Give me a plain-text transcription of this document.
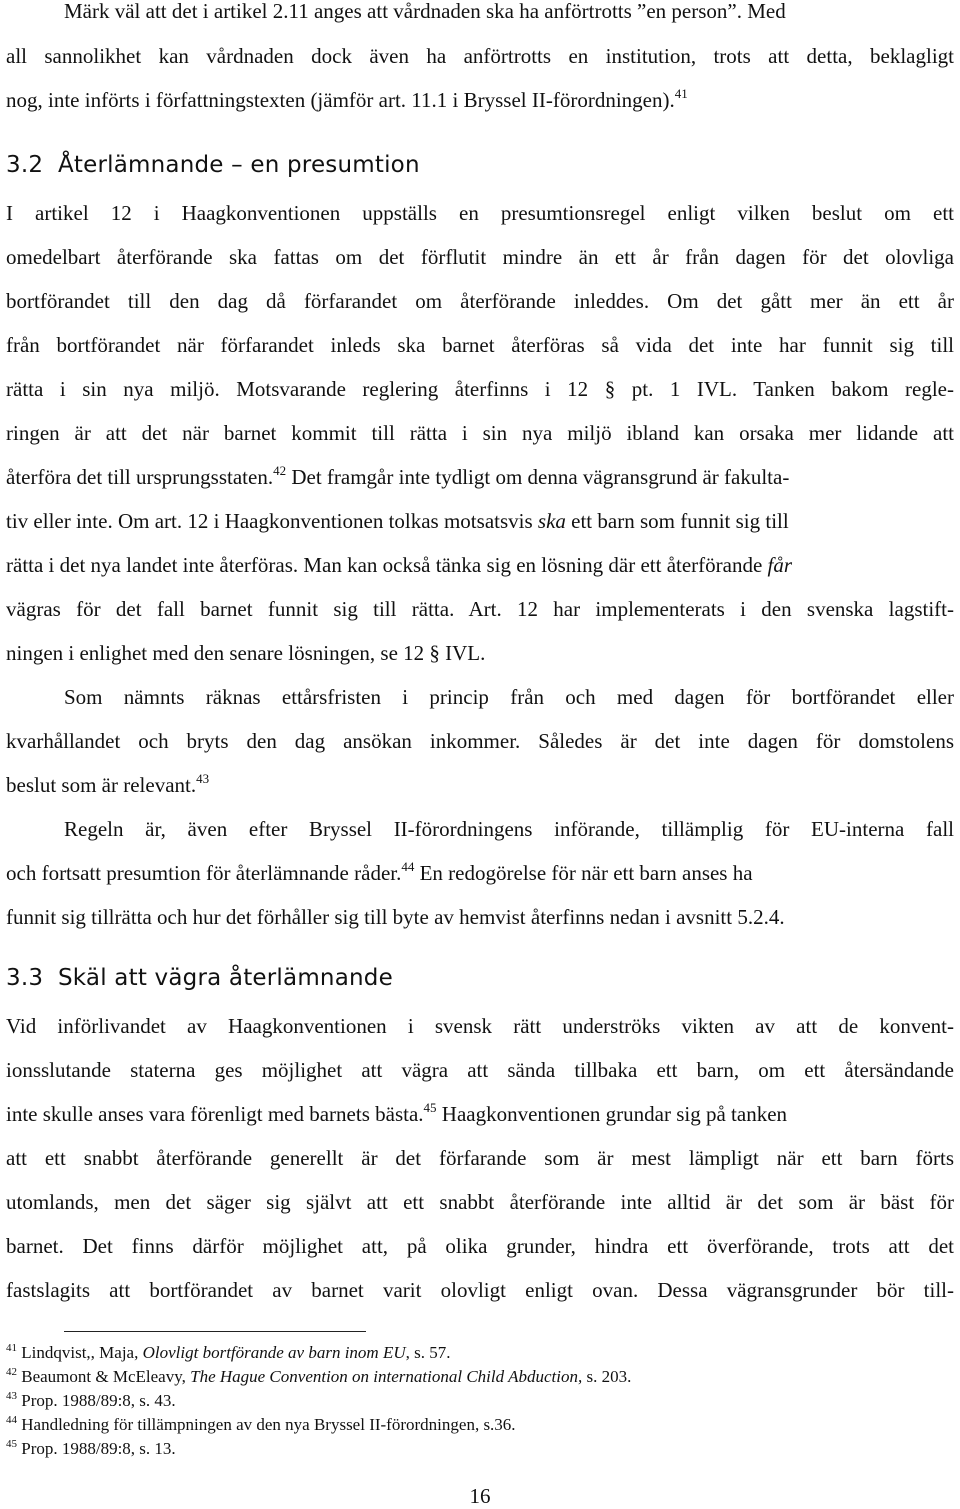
Märk väl att det i artikel 2.11 anges att vårdnaden ska ha anförtrotts ”en person”. Med
all sannolikhet kan vårdnaden dock även ha anförtrotts en institution, trots att detta, beklagligt
nog, inte införts i författningstexten (jämför art. 11.1 i Bryssel II-förordningen).$^{41}$
3.2 Återlämnande – en presumtion
I artikel 12 i Haagkonventionen uppställs en presumtionsregel enligt vilken beslut om ett
omedelbart återförande ska fattas om det förflutit mindre än ett år från dagen för det olovliga
bortförandet till den dag då förfarandet om återförande inleddes. Om det gått mer än ett år
från bortförandet när förfarandet inleds ska barnet återföras så vida det inte har funnit sig till
rätta i sin nya miljö. Motsvarande reglering återfinns i 12 § pt. 1 IVL. Tanken bakom regle-
ringen är att det när barnet kommit till rätta i sin nya miljö ibland kan orsaka mer lidande att
återföra det till ursprungsstaten.$^{42}$ Det framgår inte tydligt om denna vägransgrund är fakulta-
tiv eller inte. Om art. 12 i Haagkonventionen tolkas motsatsvis ska ett barn som funnit sig till
rätta i det nya landet inte återföras. Man kan också tänka sig en lösning där ett återförande får
vägras för det fall barnet funnit sig till rätta. Art. 12 har implementerats i den svenska lagstift-
ningen i enlighet med den senare lösningen, se 12 § IVL.
Som nämnts räknas ettårsfristen i princip från och med dagen för bortförandet eller
kvarhållandet och bryts den dag ansökan inkommer. Således är det inte dagen för domstolens
beslut som är relevant.$^{43}$
Regeln är, även efter Bryssel II-förordningens införande, tillämplig för EU-interna fall
och fortsatt presumtion för återlämnande råder.$^{44}$ En redogörelse för när ett barn anses ha
funnit sig tillrätta och hur det förhåller sig till byte av hemvist återfinns nedan i avsnitt 5.2.4.
3.3 Skäl att vägra återlämnande
Vid införlivandet av Haagkonventionen i svensk rätt underströks vikten av att de konvent-
ionsslutande staterna ges möjlighet att vägra att sända tillbaka ett barn, om ett återsändande
inte skulle anses vara förenligt med barnets bästa.$^{45}$ Haagkonventionen grundar sig på tanken
att ett snabbt återförande generellt är det förfarande som är mest lämpligt när ett barn förts
utomlands, men det säger sig självt att ett snabbt återförande inte alltid är det som är bäst för
barnet. Det finns därför möjlighet att, på olika grunder, hindra ett överförande, trots att det
fastslagits att bortförandet av barnet varit olovligt enligt ovan. Dessa vägransgrunder bör till-
$^{41}$ Lindqvist,, Maja, Olovligt bortförande av barn inom EU, s. 57.
$^{42}$ Beaumont & McEleavy, The Hague Convention on international Child Abduction, s. 203.
$^{43}$ Prop. 1988/89:8, s. 43.
$^{44}$ Handledning för tillämpningen av den nya Bryssel II-förordningen, s.36.
$^{45}$ Prop. 1988/89:8, s. 13.
16
